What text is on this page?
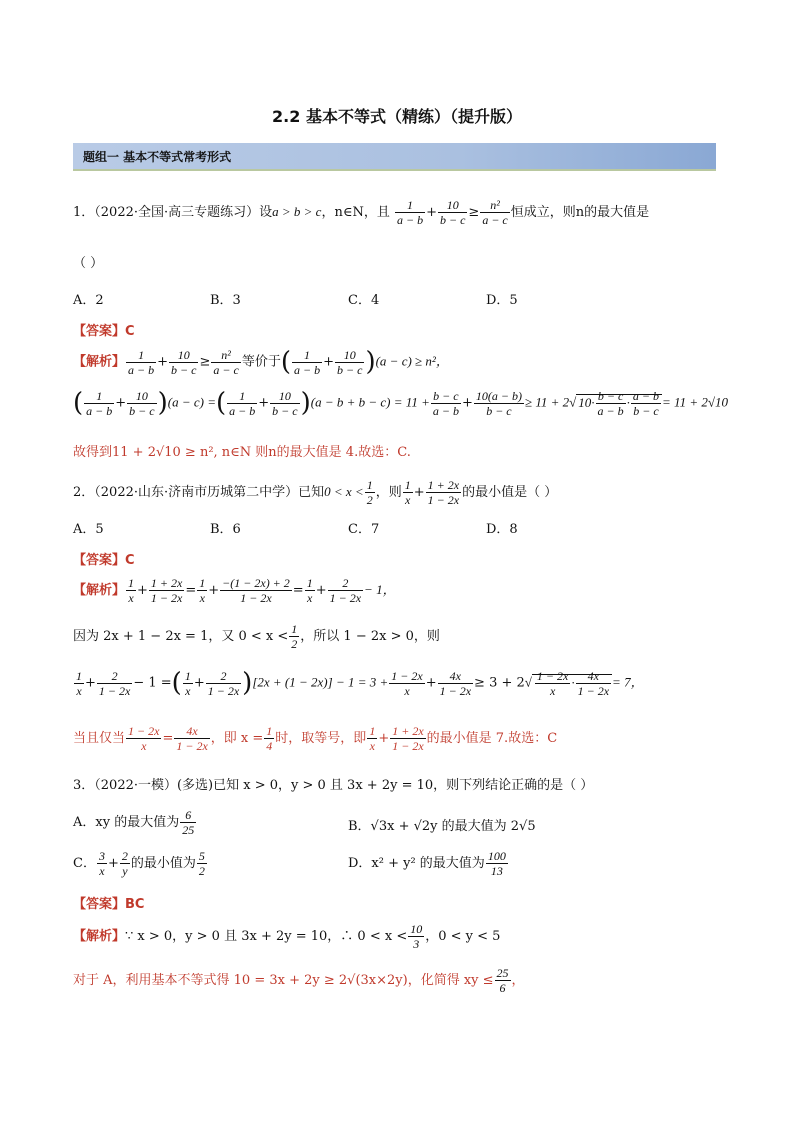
2.2 基本不等式（精练）（提升版）
题组一 基本不等式常考形式
1．（2022·全国·高三专题练习）设a > b > c，n∈N，且 $\frac{1}{a - b} + \frac{10}{b - c} \ge \frac{\text{n²}}{a - c}$ 恒成立，则n的最大值是
（ ）
A．2	B．3	C．4	D．5
【答案】C
【解析】 $\frac{1}{a - b} + \frac{10}{b - c} \ge \frac{\text{n²}}{a - c}$ 等价于( $\frac{1}{a - b} + \frac{10}{b - c} )(a - c) \ge n^2$，
( $\frac{1}{a - b} + \frac{10}{b - c} )(a - c)$ =( $\frac{1}{a - b} + \frac{10}{b - c} )(a - b + b - c) = 11 + \frac{b - c}{a - b} + \frac{10(a - b)}{b - c} \ge 11 + 2√$ $10\cdot \frac{b - c}{a - b} \cdot \frac{a - b}{b - c} = 11 + 2√10$
故得到11 + 2√10 ≥ n², n∈N 则n的最大值是 4.故选：C.
2．（2022·山东·济南市历城第二中学）已知$0 < x < \frac{1}{2}$ ，则 $\frac{1}{x} + \frac{1 + 2x}{1 - 2x}$ 的最小值是（ ）
A．5	B．6	C．7	D．8
【答案】C
【解析】 $\frac{1}{x} + \frac{1 + 2x}{1 - 2x} = \frac{1}{x} + \frac{-(1 - 2x) + 2}{1 - 2x} = \frac{1}{x} + \frac{2}{1 - 2x} - 1$，
因为 2x + 1 − 2x = 1，又 $0 < x < \frac{1}{2}$ ，所以 1 − 2x > 0，则
$\frac{1}{x} + \frac{2}{1 - 2x} - 1$ =( $\frac{1}{x} + \frac{2}{1 - 2x} )[2x + (1 - 2x)] - 1 = 3 + \frac{1 - 2x}{x} + \frac{4x}{1 - 2x} \ge 3 + 2√ \frac{1 - 2x}{x} \cdot \frac{4x}{1 - 2x} = 7$，
当且仅当 $\frac{1 - 2x}{x} = \frac{4x}{1 - 2x}$ ，即 $x = \frac{1}{4}$ 时，取等号，即 $\frac{1}{x} + \frac{1 + 2x}{1 - 2x}$ 的最小值是 7.故选：C
3．（2022·一模）(多选)已知 x > 0，y > 0 且 3x + 2y = 10，则下列结论正确的是（ ）
A．xy 的最大值为 $\frac{6}{25}$	B．√3x + √2y 的最大值为 2√5
C． $\frac{3}{x} + \frac{2}{y}$ 的最小值为 $\frac{5}{2}$	D．x² + y² 的最大值为 $\frac{100}{13}$
【答案】BC
【解析】∵ x > 0，y > 0 且 3x + 2y = 10，∴ $0 < x < \frac{10}{3}$ ，0 < y < 5
对于 A，利用基本不等式得 10 = 3x + 2y ≥ 2√(3x×2y)，化简得 xy ≤ $\frac{25}{6}$ ，
